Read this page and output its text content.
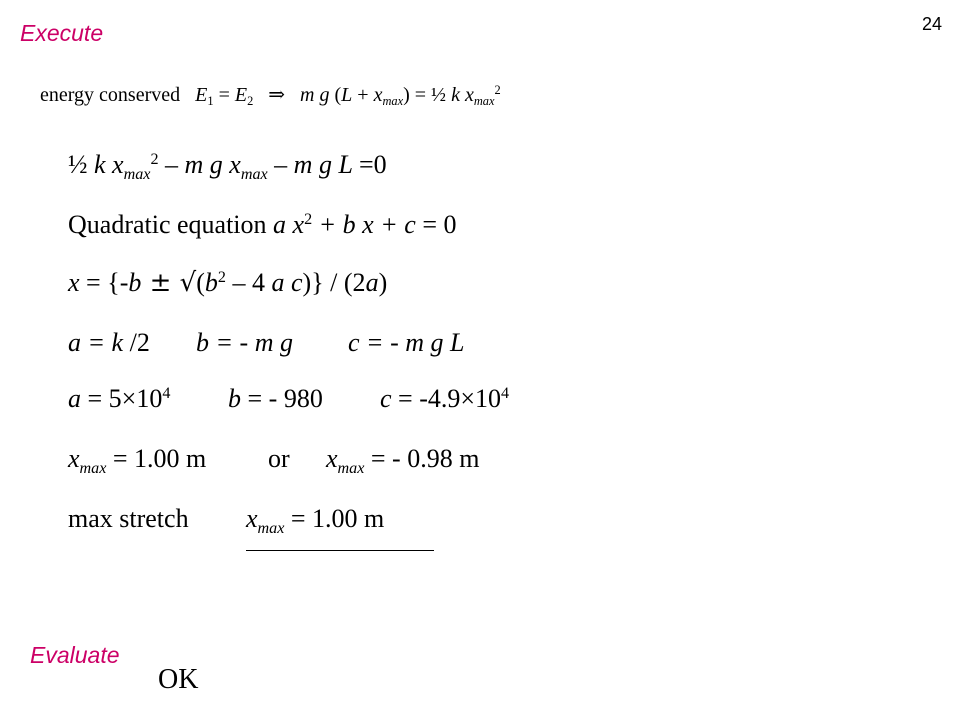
Execute	24
energy conserved $E_1 = E_2$ ⇒ m g $(L + x_{max})$ = ½ k $x_{max}^2$
½ k $x_{max}^2$ – m g $x_{max}$ – m g L =0
Quadratic equation a $x^2 + b$ x + c = 0
$x = \{-b \pm √(b^2 - 4$ a c)} / (2a)
a = k /2 b = - m g c = - m g L
$a = 5\times 10^4$ b = - 980 $c = -4.9\times 10^4$
$x_{max} = 1.00$ m or $x_{max}$ = - 0.98 m
max stretch $x_{max} = 1.00$ m
Evaluate
OK
